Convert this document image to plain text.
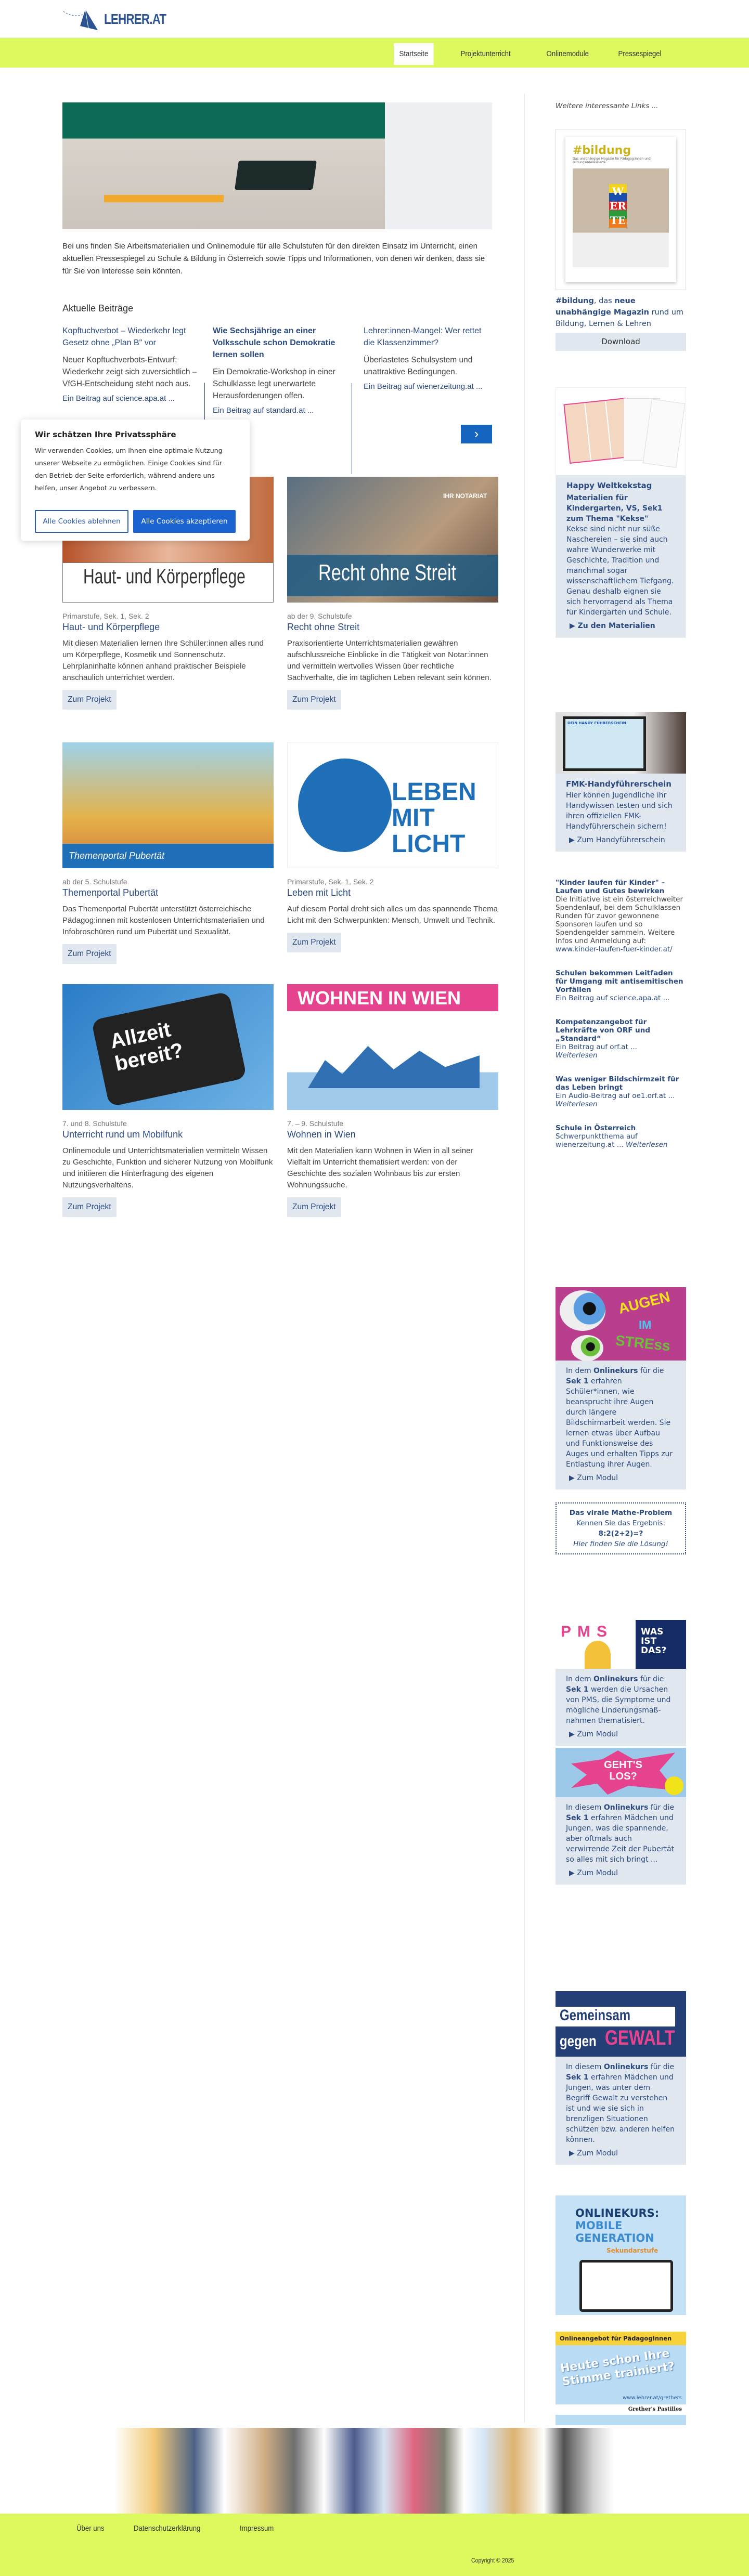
LEHRER.AT
Startseite	Projektunterricht	Onlinemodule	Pressespiegel

Bei uns finden Sie Arbeitsmaterialien und Onlinemodule für alle Schulstufen für den direkten Einsatz im Unterricht, einen aktuellen Pressespiegel zu Schule & Bildung in Österreich sowie Tipps und Informationen, von denen wir denken, dass sie für Sie von Interesse sein könnten.

Aktuelle Beiträge
Kopftuchverbot – Wiederkehr legt Gesetz ohne „Plan B" vor

Neuer Kopftuchverbots-Entwurf: Wiederkehr zeigt sich zuversichtlich – VfGH-Entscheidung steht noch aus.

Ein Beitrag auf science.apa.at ...
Wie Sechsjährige an einer Volksschule schon Demokratie lernen sollen

Ein Demokratie-Workshop in einer Schulklasse legt unerwartete Herausforderungen offen.

Ein Beitrag auf standard.at ...
Lehrer:innen-Mangel: Wer rettet die Klassenzimmer?

Überlastetes Schulsystem und unattraktive Bedingungen.

Ein Beitrag auf wienerzeitung.at ...
›
Haut- und Körperpflege
Primarstufe, Sek. 1, Sek. 2
Haut- und Körperpflege

Mit diesen Materialien lernen Ihre Schüler:innen alles rund um Körperpflege, Kosmetik und Sonnenschutz. Lehrplaninhalte können anhand praktischer Beispiele anschaulich unterrichtet werden.

Zum Projekt
IHR NOTARIAT
Recht ohne Streit
ab der 9. Schulstufe
Recht ohne Streit

Praxisorientierte Unterrichtsmaterialien gewähren aufschlussreiche Einblicke in die Tätigkeit von Notar:innen und vermitteln wertvolles Wissen über rechtliche Sachverhalte, die im täglichen Leben relevant sein können.

Zum Projekt
Themenportal Pubertät
ab der 5. Schulstufe
Themenportal Pubertät

Das Themenportal Pubertät unterstützt österreichische Pädagog:innen mit kostenlosen Unterrichtsmaterialien und Infobroschüren rund um Pubertät und Sexualität.

Zum Projekt
LEBEN MIT LICHT
Primarstufe, Sek. 1, Sek. 2
Leben mit Licht

Auf diesem Portal dreht sich alles um das spannende Thema Licht mit den Schwerpunkten: Mensch, Umwelt und Technik.

Zum Projekt
Allzeit bereit?
7. und 8. Schulstufe
Unterricht rund um Mobilfunk

Onlinemodule und Unterrichtsmaterialien vermitteln Wissen zu Geschichte, Funktion und sicherer Nutzung von Mobilfunk und initiieren die Hinterfragung des eigenen Nutzungsverhaltens.

Zum Projekt
WOHNEN IN WIEN
7. – 9. Schulstufe
Wohnen in Wien

Mit den Materialien kann Wohnen in Wien in all seiner Vielfalt im Unterricht thematisiert werden: von der Geschichte des sozialen Wohnbaus bis zur ersten Wohnungssuche.

Zum Projekt
Weitere interessante Links ...
#bildung
Das unabhängige Magazin für Pädagog:innen und Bildungsinteressierte
WERTE
#bildung, das neue unabhängige Magazin rund um Bildung, Lernen & Lehren
Download
Happy Weltkekstag
Materialien für Kindergarten, VS, Sek1 zum Thema "Kekse"
Kekse sind nicht nur süße Naschereien – sie sind auch wahre Wunderwerke mit Geschichte, Tradition und manchmal sogar wissenschaftlichem Tiefgang. Genau deshalb eignen sie sich hervorragend als Thema für Kindergarten und Schule.
▶ Zu den Materialien
DEIN HANDY FÜHRERSCHEIN
FMK-Handyführerschein
Hier können Jugendliche ihr Handywissen testen und sich ihren offiziellen FMK-Handyführerschein sichern!
▶ Zum Handyführerschein
"Kinder laufen für Kinder" – Laufen und Gutes bewirken
Die Initiative ist ein österreichweiter Spendenlauf, bei dem Schulklassen Runden für zuvor gewonnene Sponsoren laufen und so Spendengelder sammeln. Weitere Infos und Anmeldung auf:
www.kinder-laufen-fuer-kinder.at/
Schulen bekommen Leitfaden für Umgang mit antisemitischen Vorfällen
Ein Beitrag auf science.apa.at ...
Kompetenzangebot für Lehrkräfte von ORF und „Standard“
Ein Beitrag auf orf.at ...
Weiterlesen
Was weniger Bildschirmzeit für das Leben bringt
Ein Audio-Beitrag auf oe1.orf.at ...
Weiterlesen
Schule in Österreich
Schwerpunktthema auf wienerzeitung.at ... Weiterlesen
AUGEN
IM
STREss
In dem Onlinekurs für die Sek 1 erfahren Schüler*innen, wie beansprucht ihre Augen durch längere Bildschirmarbeit werden. Sie lernen etwas über Aufbau und Funktionsweise des Auges und erhalten Tipps zur Entlastung ihrer Augen.
▶ Zum Modul
Das virale Mathe-Problem
Kennen Sie das Ergebnis:
8:2(2+2)=?
Hier finden Sie die Lösung!
PMS	WAS IST DAS?
In dem Onlinekurs für die Sek 1 werden die Ursachen von PMS, die Symptome und mögliche Linderungsmaß-nahmen thematisiert.
▶ Zum Modul
GEHT'S LOS?
In diesem Onlinekurs für die Sek 1 erfahren Mädchen und Jungen, was die spannende, aber oftmals auch verwirrende Zeit der Pubertät so alles mit sich bringt ...
▶ Zum Modul
Gemeinsam
gegen GEWALT
In diesem Onlinekurs für die Sek 1 erfahren Mädchen und Jungen, was unter dem Begriff Gewalt zu verstehen ist und wie sie sich in brenzligen Situationen schützen bzw. anderen helfen können.
▶ Zum Modul
ONLINEKURS:
MOBILE
GENERATION
Sekundarstufe
Onlineangebot für PädagogInnen
Heute schon Ihre Stimme trainiert?
www.lehrer.at/grethers
Grether's Pastilles
Über uns	Datenschutzerklärung	Impressum
Copyright © 2025
Wir schätzen Ihre Privatssphäre

Wir verwenden Cookies, um Ihnen eine optimale Nutzung unserer Webseite zu ermöglichen. Einige Cookies sind für den Betrieb der Seite erforderlich, während andere uns helfen, unser Angebot zu verbessern.

Alle Cookies ablehnen	Alle Cookies akzeptieren
